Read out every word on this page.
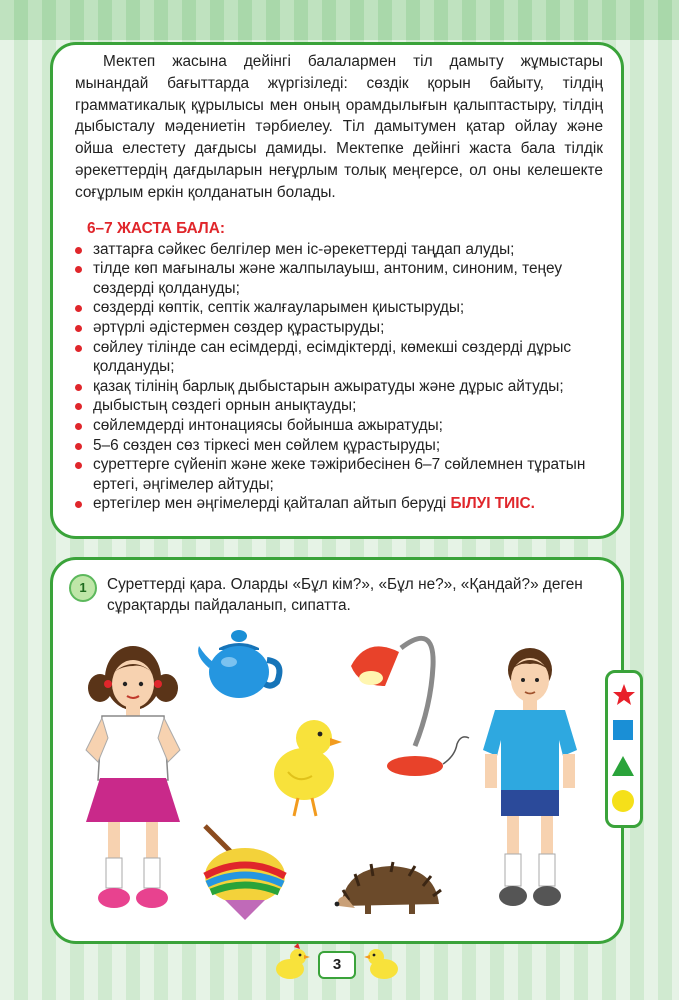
Мектеп жасына дейінгі балалармен тіл дамыту жұмыстары мынандай бағыттарда жүргізіледі: сөздік қорын байыту, тілдің грамматикалық құрылысы мен оның орамдылығын қалыптастыру, тілдің дыбысталу мәдениетін тәрбиелеу. Тіл дамытумен қатар ойлау және ойша елестету дағдысы дамиды. Мектепке дейінгі жаста бала тілдік әрекеттердің дағдыларын неғұрлым толық меңгерсе, ол оны келешекте соғұрлым еркін қолданатын болады.

6–7 ЖАСТА БАЛА:
заттарға сәйкес белгілер мен іс-әрекеттерді таңдап алуды;
тілде көп мағыналы және жалпылауыш, антоним, синоним, теңеу сөздерді қолдануды;
сөздерді көптік, септік жалғауларымен қиыстыруды;
әртүрлі әдістермен сөздер құрастыруды;
сөйлеу тілінде сан есімдерді, есімдіктерді, көмекші сөздерді дұрыс қолдануды;
қазақ тілінің барлық дыбыстарын ажыратуды және дұрыс айтуды;
дыбыстың сөздегі орнын анықтауды;
сөйлемдерді интонациясы бойынша ажыратуды;
5–6 сөзден сөз тіркесі мен сөйлем құрастыруды;
суреттерге сүйеніп және жеке тәжірибесінен 6–7 сөйлемнен тұратын ертегі, әңгімелер айтуды;
ертегілер мен әңгімелерді қайталап айтып беруді БІЛУІ ТИІС.
1	Суреттерді қара. Оларды «Бұл кім?», «Бұл не?», «Қандай?» деген сұрақтарды пайдаланып, сипатта.
3
